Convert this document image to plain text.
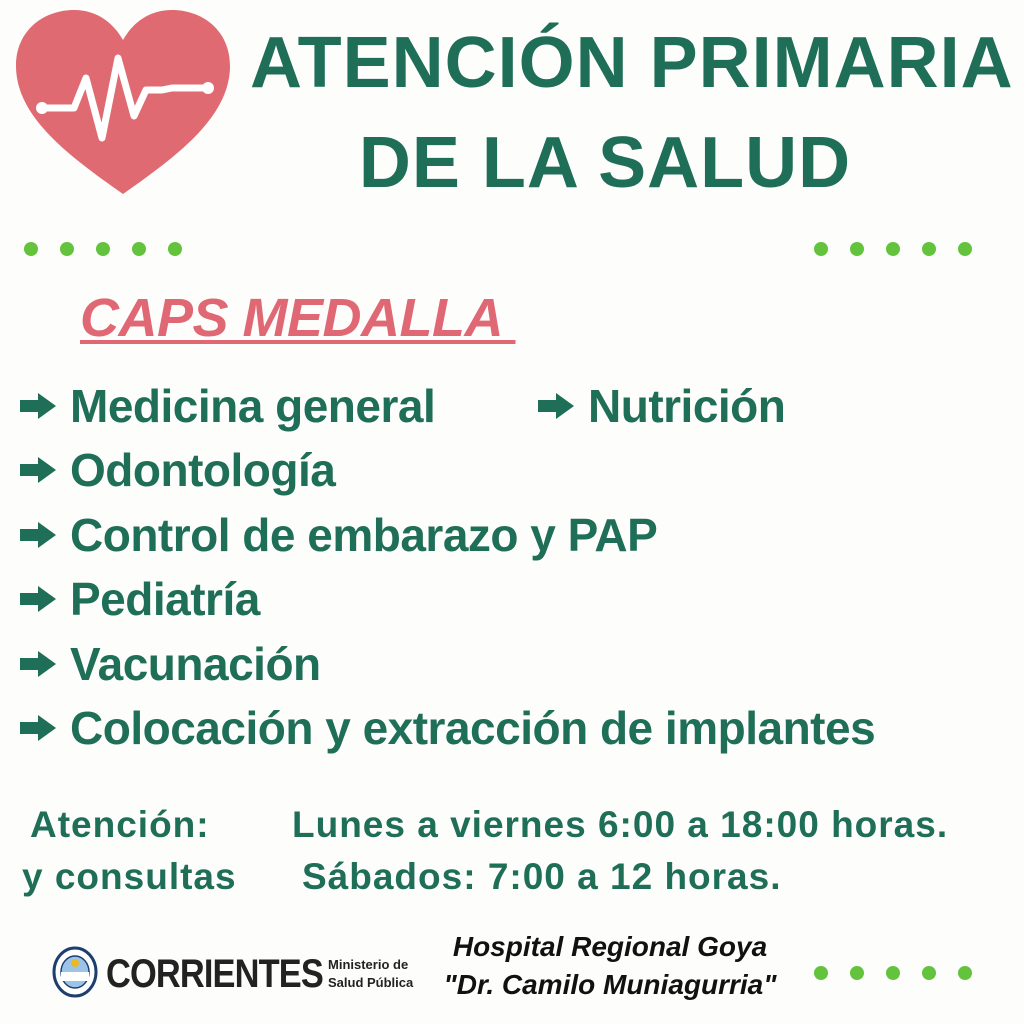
ATENCIÓN PRIMARIA
DE LA SALUD
CAPS MEDALLA
Medicina general	Nutrición
Odontología
Control de embarazo y PAP
Pediatría
Vacunación
Colocación y extracción de implantes
Atención:
y consultas
Lunes a viernes 6:00 a 18:00 horas.
Sábados: 7:00 a 12 horas.
CORRIENTES Ministerio de
Salud Pública
Hospital Regional Goya
"Dr. Camilo Muniagurria"
